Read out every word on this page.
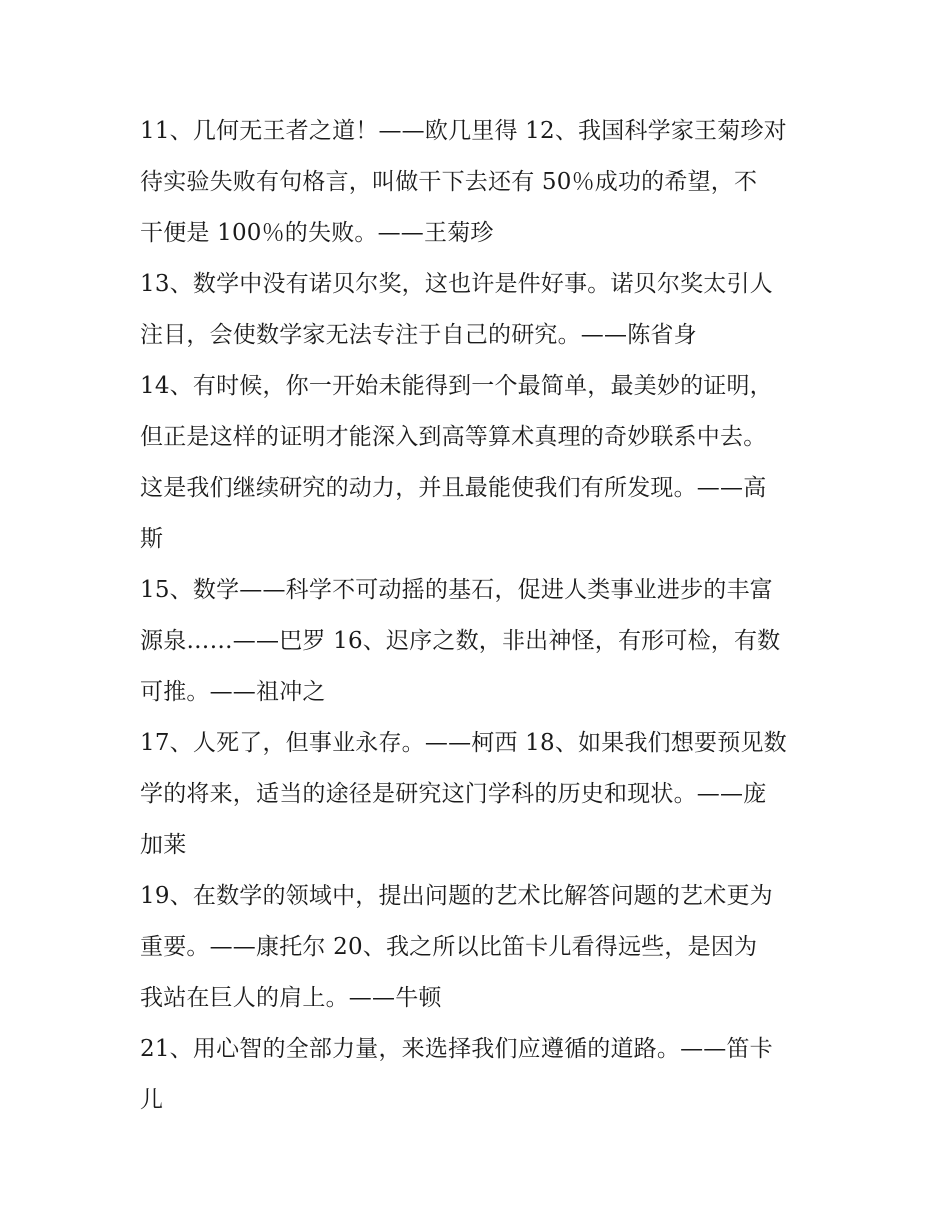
11、几何无王者之道！——欧几里得 12、我国科学家王菊珍对
待实验失败有句格言，叫做干下去还有 50％成功的希望，不
干便是 100％的失败。——王菊珍
13、数学中没有诺贝尔奖，这也许是件好事。诺贝尔奖太引人
注目，会使数学家无法专注于自己的研究。——陈省身
14、有时候，你一开始未能得到一个最简单，最美妙的证明，
但正是这样的证明才能深入到高等算术真理的奇妙联系中去。
这是我们继续研究的动力，并且最能使我们有所发现。——高
斯
15、数学——科学不可动摇的基石，促进人类事业进步的丰富
源泉……——巴罗 16、迟序之数，非出神怪，有形可检，有数
可推。——祖冲之
17、人死了，但事业永存。——柯西 18、如果我们想要预见数
学的将来，适当的途径是研究这门学科的历史和现状。——庞
加莱
19、在数学的领域中，提出问题的艺术比解答问题的艺术更为
重要。——康托尔 20、我之所以比笛卡儿看得远些，是因为
我站在巨人的肩上。——牛顿
21、用心智的全部力量，来选择我们应遵循的道路。——笛卡
儿
